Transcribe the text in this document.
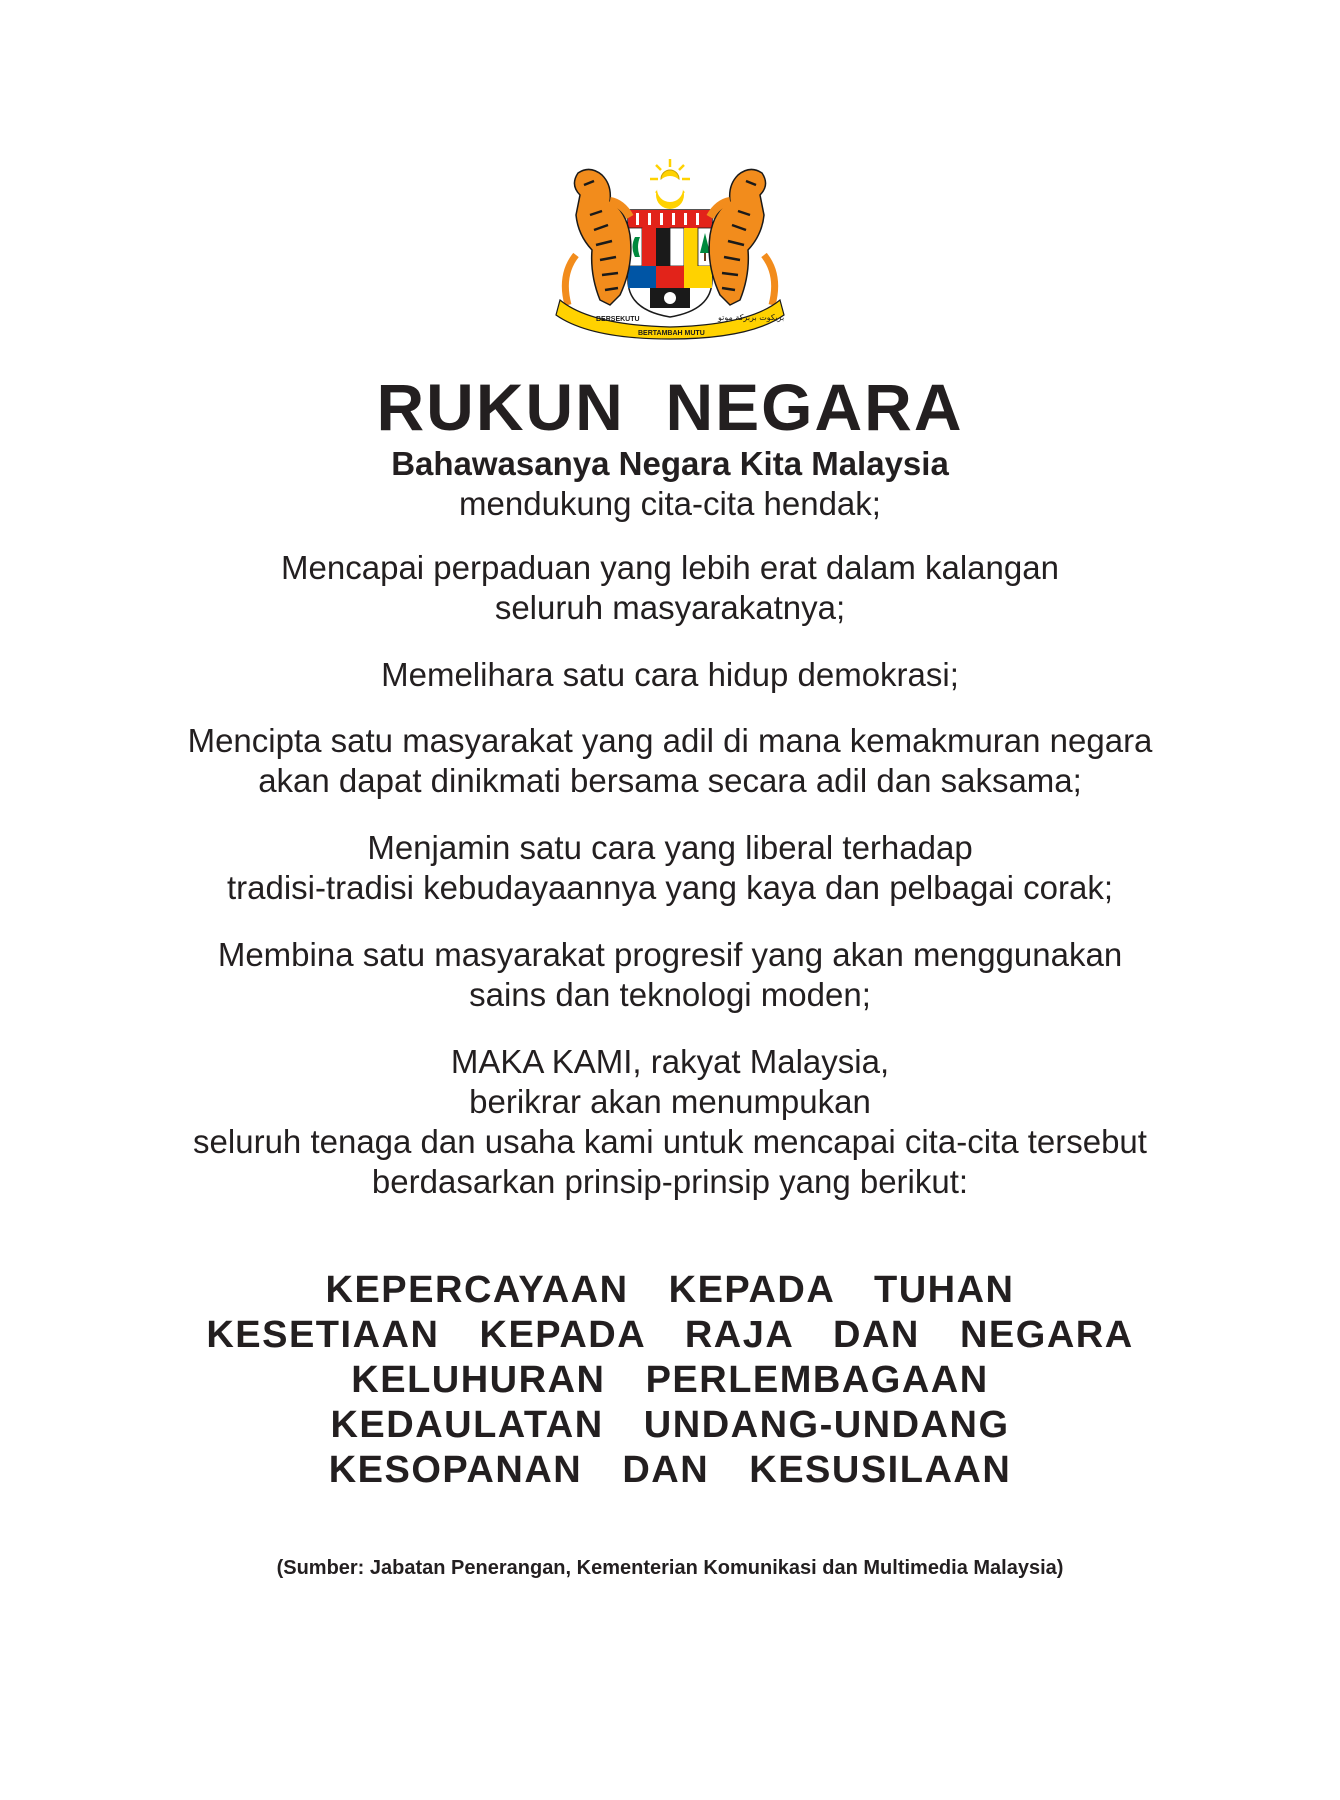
BERSEKUTU
BERTAMBAH MUTU
بريکوت بربرکة موتو
RUKUN  NEGARA
Bahawasanya Negara Kita Malaysia
mendukung cita-cita hendak;
Mencapai perpaduan yang lebih erat dalam kalangan
seluruh masyarakatnya;
Memelihara satu cara hidup demokrasi;
Mencipta satu masyarakat yang adil di mana kemakmuran negara
akan dapat dinikmati bersama secara adil dan saksama;
Menjamin satu cara yang liberal terhadap
tradisi-tradisi kebudayaannya yang kaya dan pelbagai corak;
Membina satu masyarakat progresif yang akan menggunakan
sains dan teknologi moden;
MAKA KAMI, rakyat Malaysia,
berikrar akan menumpukan
seluruh tenaga dan usaha kami untuk mencapai cita-cita tersebut
berdasarkan prinsip-prinsip yang berikut:
KEPERCAYAAN  KEPADA  TUHAN
KESETIAAN  KEPADA  RAJA  DAN  NEGARA
KELUHURAN  PERLEMBAGAAN
KEDAULATAN  UNDANG-UNDANG
KESOPANAN  DAN  KESUSILAAN
(Sumber: Jabatan Penerangan, Kementerian Komunikasi dan Multimedia Malaysia)
